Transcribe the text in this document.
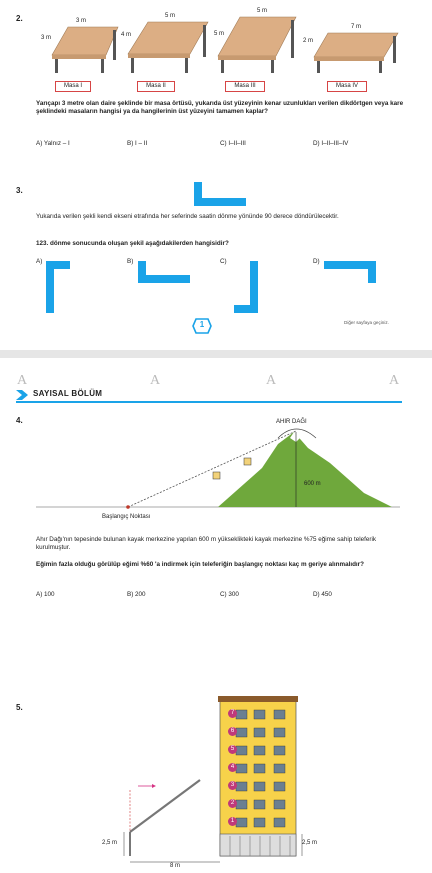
2.	3 m
3 m
5 m
4 m
5 m
5 m
7 m
2 m
Masa I	Masa II	Masa III	Masa IV
Yarıçapı 3 metre olan daire şeklinde bir masa örtüsü, yukarıda üst yüzeyinin kenar uzunlukları verilen dikdörtgen veya kare şeklindeki masaların hangisi ya da hangilerinin üst yüzeyini tamamen kaplar?
A) Yalnız – I	B) I – II	C) I–II–III	D) I–II–III–IV
3.
Yukarıda verilen şekli kendi ekseni etrafında her seferinde saatin dönme yönünde 90 derece döndürülecektir.
123. dönme sonucunda oluşan şekil aşağıdakilerden hangisidir?
A)	B)	C)	D)
1	Diğer sayfaya geçiniz.
A	A	A	A
SAYISAL BÖLÜM
4.	AHIR DAĞI
600 m
Başlangıç Noktası
Ahır Dağı'nın tepesinde bulunan kayak merkezine yapılan 600 m yükseklikteki kayak merkezine %75 eğime sahip teleferik kurulmuştur.
Eğimin fazla olduğu görülüp eğimi %60 'a indirmek için teleferiğin başlangıç noktası kaç m geriye alınmalıdır?
A) 100	B) 200	C) 300	D) 450
5.
7
6
5
4
3
2
1
2,5 m	2,5 m
8 m
